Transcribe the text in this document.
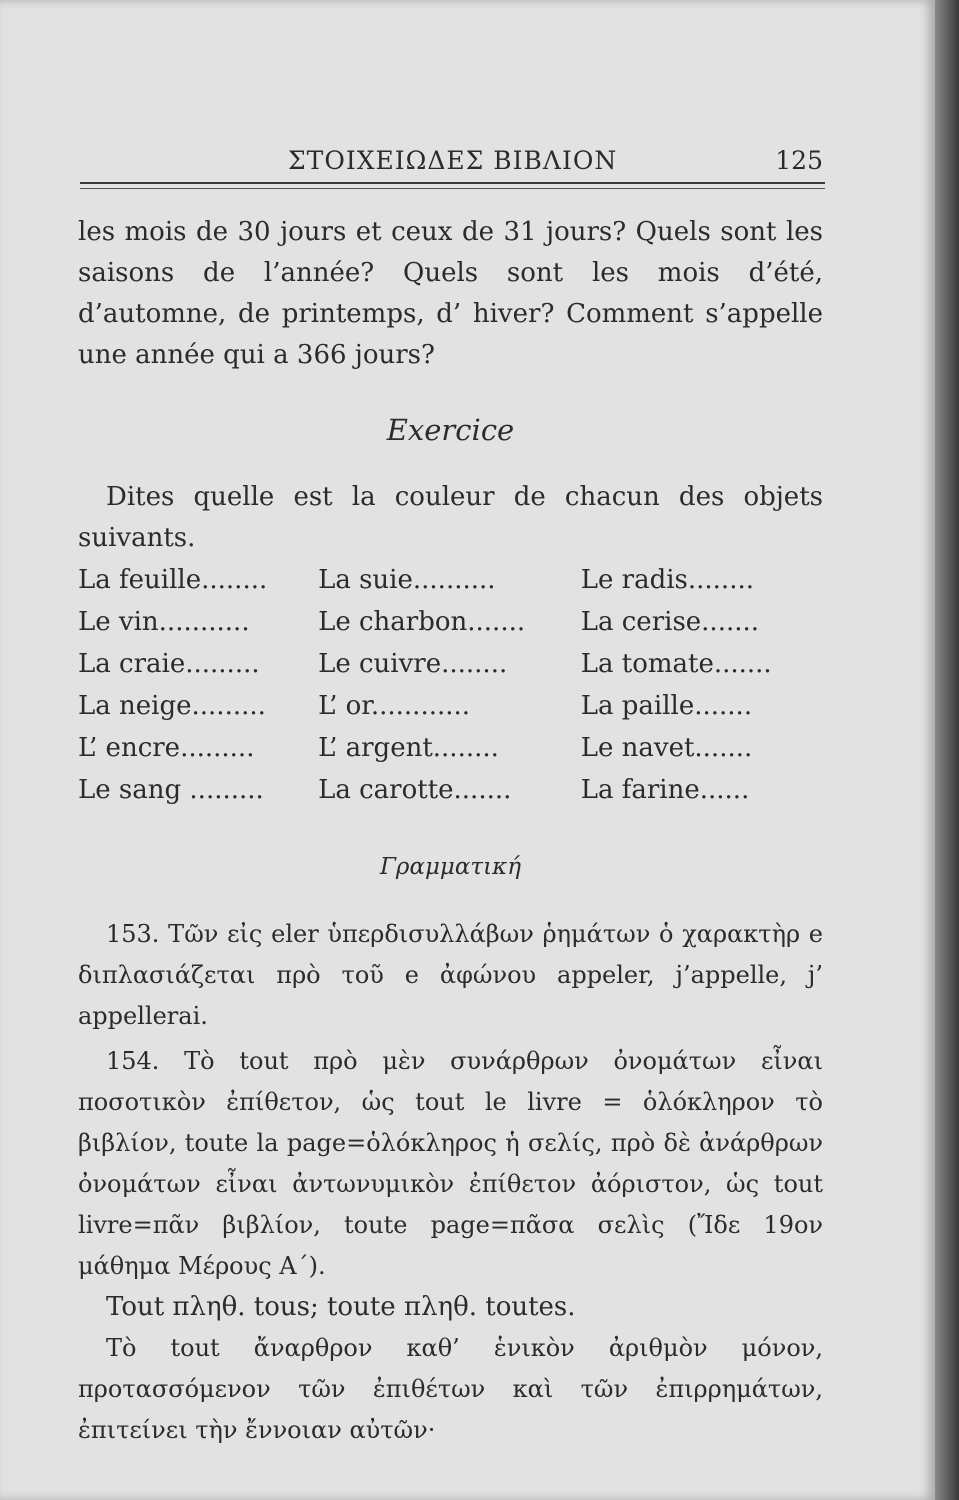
ΣΤΟΙΧΕΙΩΔΕΣ ΒΙΒΛΙΟΝ	125

les mois de 30 jours et ceux de 31 jours? Quels sont les saisons de l’année? Quels sont les mois d’été, d’automne, de printemps, d’ hiver? Comment s’appelle une année qui a 366 jours?

Exercice

Dites quelle est la couleur de chacun des objets suivants.

La feuille........	La suie..........	Le radis........
Le vin...........	Le charbon.......	La cerise.......
La craie.........	Le cuivre........	La tomate.......
La neige.........	L’ or............	La paille.......
L’ encre.........	L’ argent........	Le navet.......
Le sang .........	La carotte.......	La farine......

Γραμματική

153. Τῶν εἰς eler ὑπερδισυλλάβων ῥημάτων ὁ χαρακτὴρ e διπλασιάζεται πρὸ τοῦ e ἀφώνου appeler, j’appelle, j’ appellerai.

154. Τὸ tout πρὸ μὲν συνάρθρων ὀνομάτων εἶναι ποσοτικὸν ἐπίθετον, ὡς tout le livre = ὁλόκληρον τὸ βιβλίον, toute la page=ὁλόκληρος ἡ σελίς, πρὸ δὲ ἀνάρθρων ὀνομάτων εἶναι ἀντωνυμικὸν ἐπίθετον ἀόριστον, ὡς tout livre=πᾶν βιβλίον, toute page=πᾶσα σελὶς (Ἴδε 19ον μάθημα Μέρους Α΄).

Tout πληθ. tous; toute πληθ. toutes.

Τὸ tout ἄναρθρον καθ’ ἑνικὸν ἀριθμὸν μόνον, προτασσόμενον τῶν ἐπιθέτων καὶ τῶν ἐπιρρημάτων, ἐπιτείνει τὴν ἔννοιαν αὐτῶν·
